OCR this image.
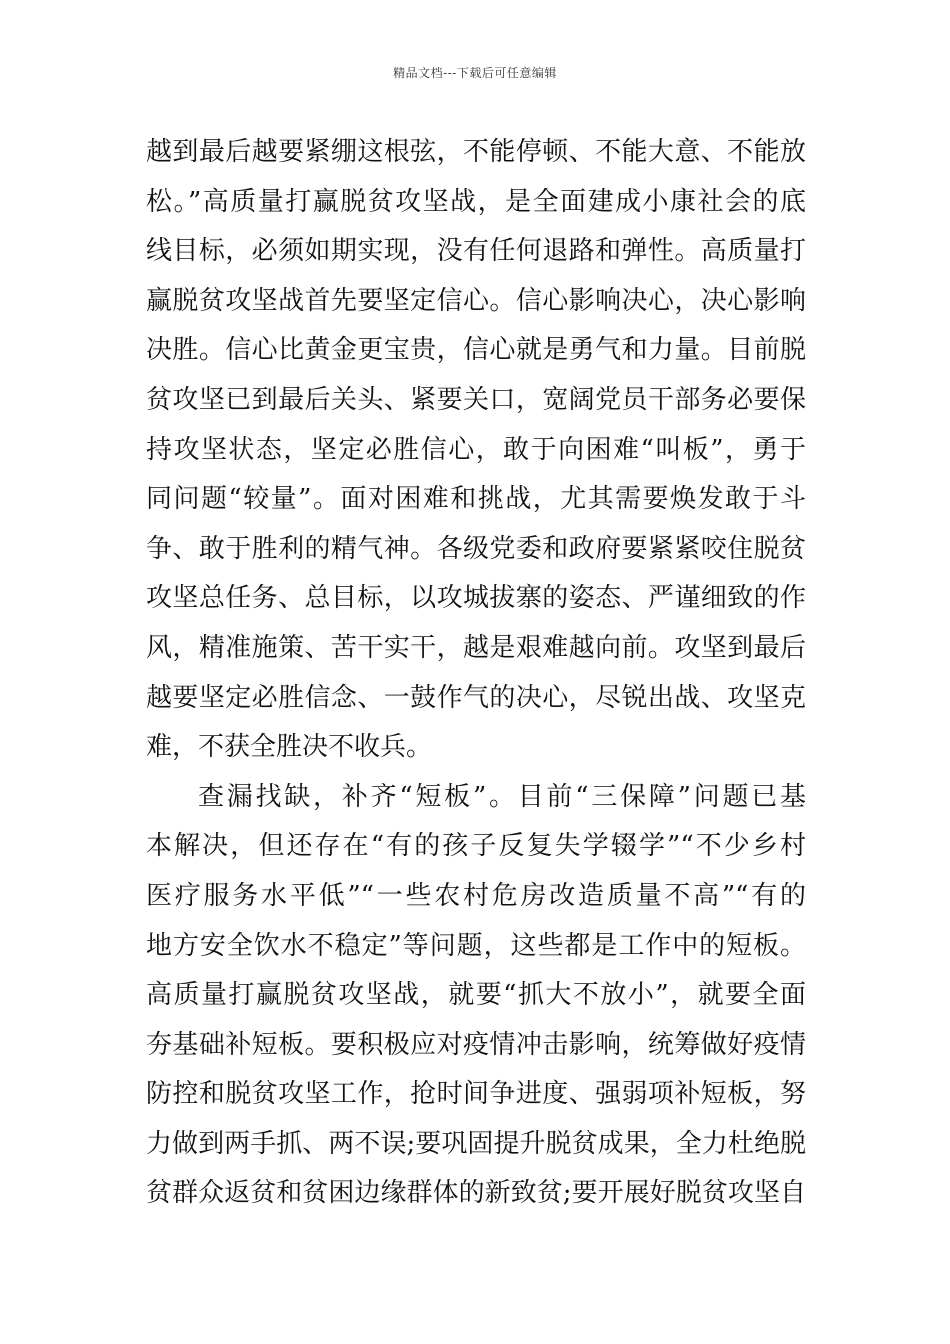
精品文档---下载后可任意编辑
越到最后越要紧绷这根弦，不能停顿、不能大意、不能放
松。”高质量打赢脱贫攻坚战，是全面建成小康社会的底
线目标，必须如期实现，没有任何退路和弹性。高质量打
赢脱贫攻坚战首先要坚定信心。信心影响决心，决心影响
决胜。信心比黄金更宝贵，信心就是勇气和力量。目前脱
贫攻坚已到最后关头、紧要关口，宽阔党员干部务必要保
持攻坚状态，坚定必胜信心，敢于向困难“叫板”，勇于
同问题“较量”。面对困难和挑战，尤其需要焕发敢于斗
争、敢于胜利的精气神。各级党委和政府要紧紧咬住脱贫
攻坚总任务、总目标，以攻城拔寨的姿态、严谨细致的作
风，精准施策、苦干实干，越是艰难越向前。攻坚到最后
越要坚定必胜信念、一鼓作气的决心，尽锐出战、攻坚克
难，不获全胜决不收兵。
查漏找缺，补齐“短板”。目前“三保障”问题已基
本解决，但还存在“有的孩子反复失学辍学”“不少乡村
医疗服务水平低”“一些农村危房改造质量不高”“有的
地方安全饮水不稳定”等问题，这些都是工作中的短板。
高质量打赢脱贫攻坚战，就要“抓大不放小”，就要全面
夯基础补短板。要积极应对疫情冲击影响，统筹做好疫情
防控和脱贫攻坚工作，抢时间争进度、强弱项补短板，努
力做到两手抓、两不误;要巩固提升脱贫成果，全力杜绝脱
贫群众返贫和贫困边缘群体的新致贫;要开展好脱贫攻坚自
